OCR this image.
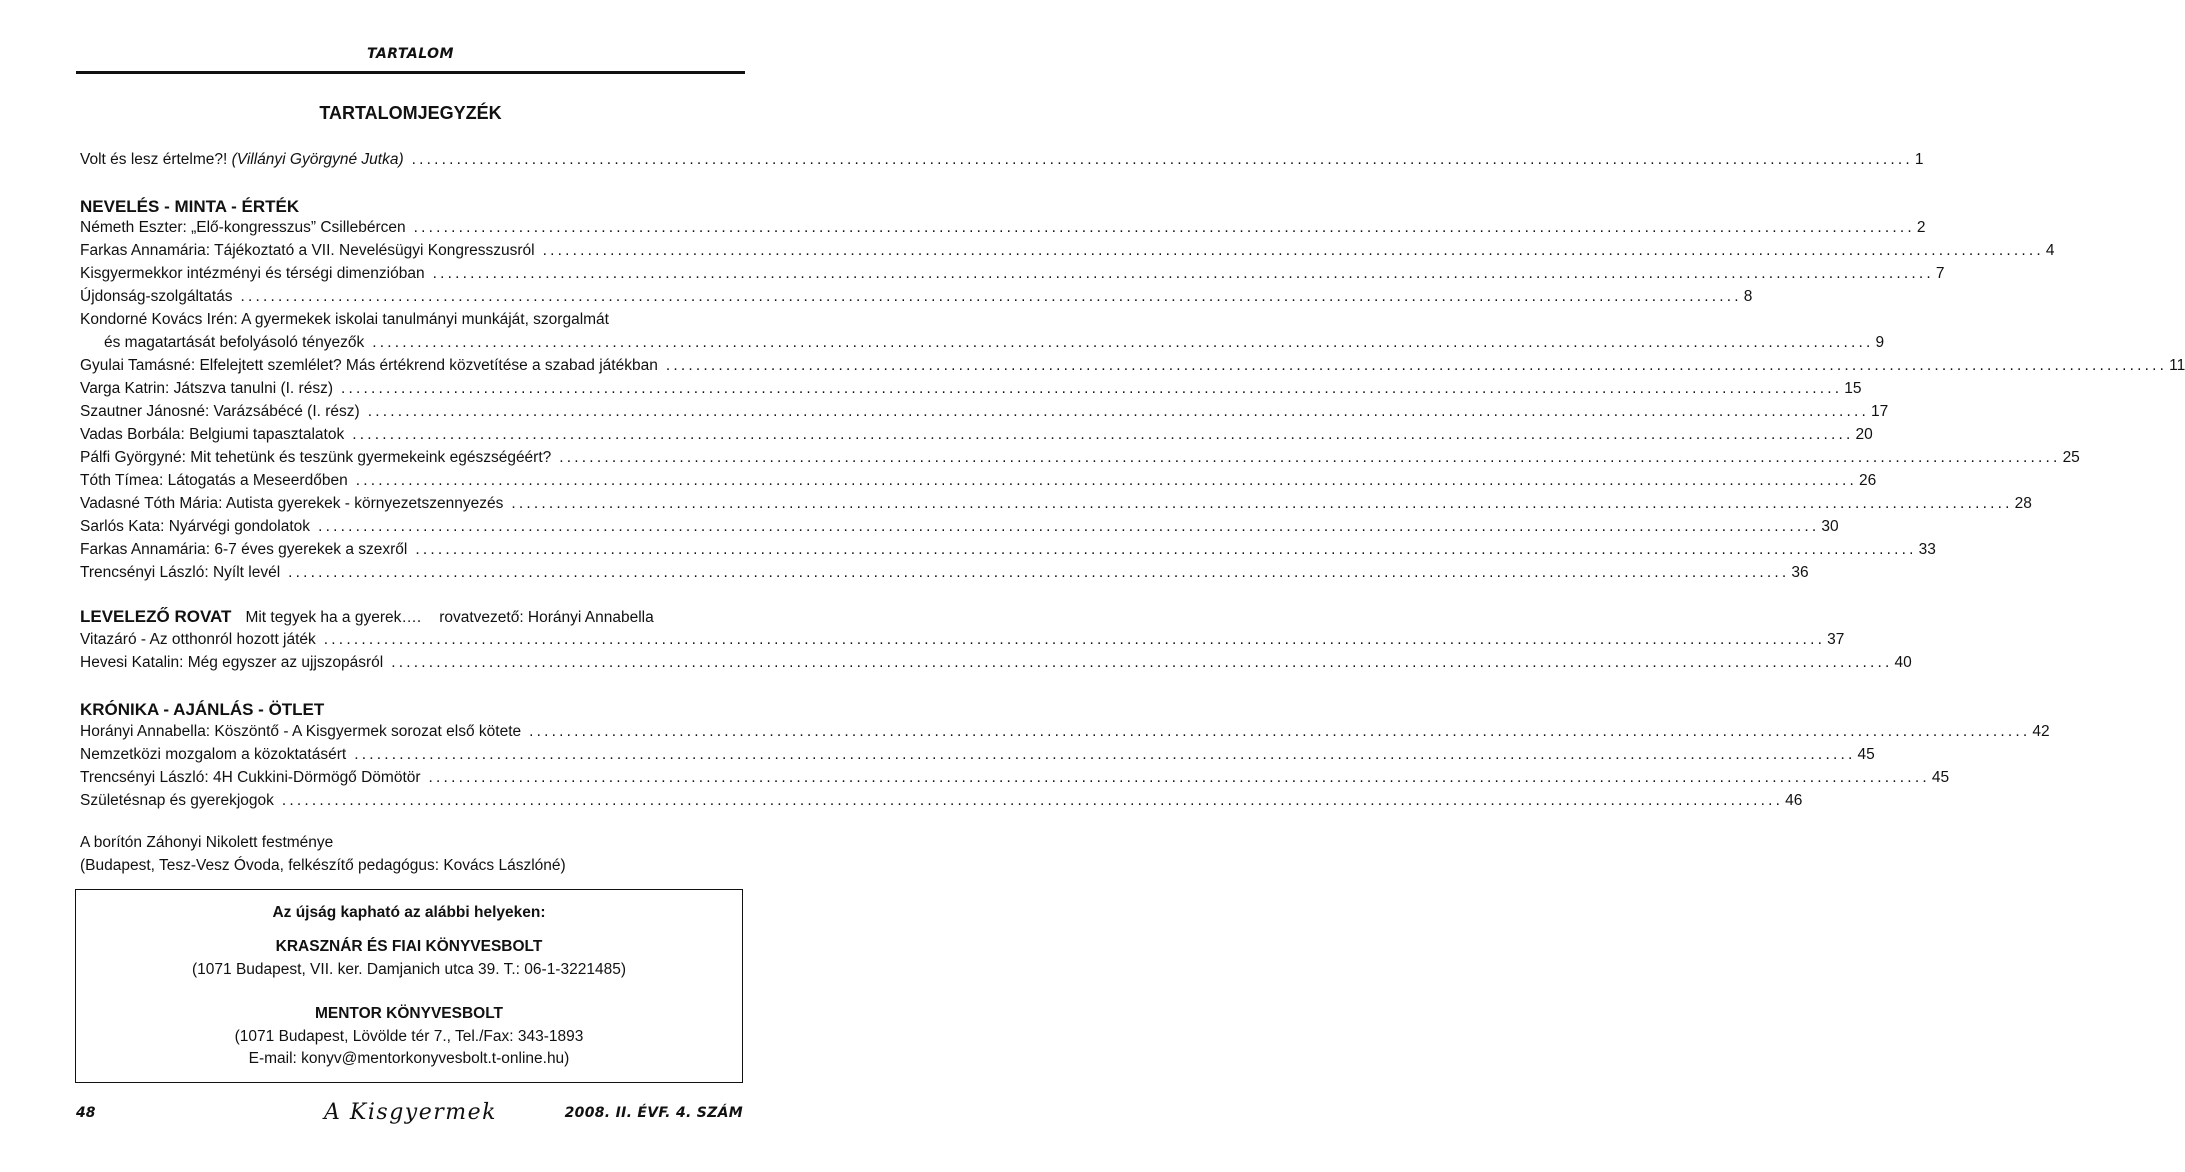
TARTALOM
TARTALOMJEGYZÉK
Volt és lesz értelme?! (Villányi Györgyné Jutka) ........................................................................................................................................................................................................ 1
NEVELÉS - MINTA - ÉRTÉK
Németh Eszter: „Elő-kongresszus” Csillebércen ........................................................................................................................................................................................................ 2
Farkas Annamária: Tájékoztató a VII. Nevelésügyi Kongresszusról ........................................................................................................................................................................................................ 4
Kisgyermekkor intézményi és térségi dimenzióban ........................................................................................................................................................................................................ 7
Újdonság-szolgáltatás ........................................................................................................................................................................................................ 8
Kondorné Kovács Irén: A gyermekek iskolai tanulmányi munkáját, szorgalmát
és magatartását befolyásoló tényezők ........................................................................................................................................................................................................ 9
Gyulai Tamásné: Elfelejtett szemlélet? Más értékrend közvetítése a szabad játékban ........................................................................................................................................................................................................ 11
Varga Katrin: Játszva tanulni (I. rész) ........................................................................................................................................................................................................ 15
Szautner Jánosné: Varázsábécé (I. rész) ........................................................................................................................................................................................................ 17
Vadas Borbála: Belgiumi tapasztalatok ........................................................................................................................................................................................................ 20
Pálfi Györgyné: Mit tehetünk és teszünk gyermekeink egészségéért? ........................................................................................................................................................................................................ 25
Tóth Tímea: Látogatás a Meseerdőben ........................................................................................................................................................................................................ 26
Vadasné Tóth Mária: Autista gyerekek - környezetszennyezés ........................................................................................................................................................................................................ 28
Sarlós Kata: Nyárvégi gondolatok ........................................................................................................................................................................................................ 30
Farkas Annamária: 6-7 éves gyerekek a szexről ........................................................................................................................................................................................................ 33
Trencsényi László: Nyílt levél ........................................................................................................................................................................................................ 36
LEVELEZŐ ROVAT Mit tegyek ha a gyerek…. rovatvezető: Horányi Annabella
Vitazáró - Az otthonról hozott játék ........................................................................................................................................................................................................ 37
Hevesi Katalin: Még egyszer az ujjszopásról ........................................................................................................................................................................................................ 40
KRÓNIKA - AJÁNLÁS - ÖTLET
Horányi Annabella: Köszöntő - A Kisgyermek sorozat első kötete ........................................................................................................................................................................................................ 42
Nemzetközi mozgalom a közoktatásért ........................................................................................................................................................................................................ 45
Trencsényi László: 4H Cukkini-Dörmögő Dömötör ........................................................................................................................................................................................................ 45
Születésnap és gyerekjogok ........................................................................................................................................................................................................ 46
A borítón Záhonyi Nikolett festménye
(Budapest, Tesz-Vesz Óvoda, felkészítő pedagógus: Kovács Lászlóné)
Az újság kapható az alábbi helyeken:
KRASZNÁR ÉS FIAI KÖNYVESBOLT
(1071 Budapest, VII. ker. Damjanich utca 39. T.: 06-1-3221485)
MENTOR KÖNYVESBOLT
(1071 Budapest, Lövölde tér 7., Tel./Fax: 343-1893
E-mail: konyv@mentorkonyvesbolt.t-online.hu)
48	A Kisgyermek	2008. II. ÉVF. 4. SZÁM
